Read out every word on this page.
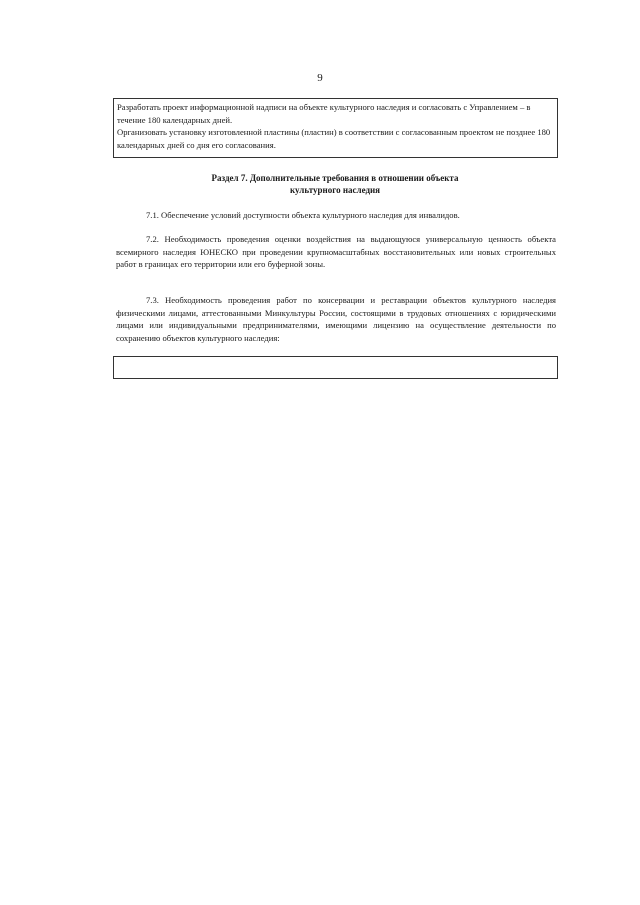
9

Разработать проект информационной надписи на объекте культурного наследия и согласовать с Управлением – в течение 180 календарных дней.

Организовать установку изготовленной пластины (пластин) в соответствии с согласованным проектом не позднее 180 календарных дней со дня его согласования.

Раздел 7. Дополнительные требования в отношении объекта
культурного наследия

7.1. Обеспечение условий доступности объекта культурного наследия для инвалидов.

7.2. Необходимость проведения оценки воздействия на выдающуюся универсальную ценность объекта всемирного наследия ЮНЕСКО при проведении крупномасштабных восстановительных или новых строительных работ в границах его территории или его буферной зоны.

7.3. Необходимость проведения работ по консервации и реставрации объектов культурного наследия физическими лицами, аттестованными Минкультуры России, состоящими в трудовых отношениях с юридическими лицами или индивидуальными предпринимателями, имеющими лицензию на осуществление деятельности по сохранению объектов культурного наследия:
